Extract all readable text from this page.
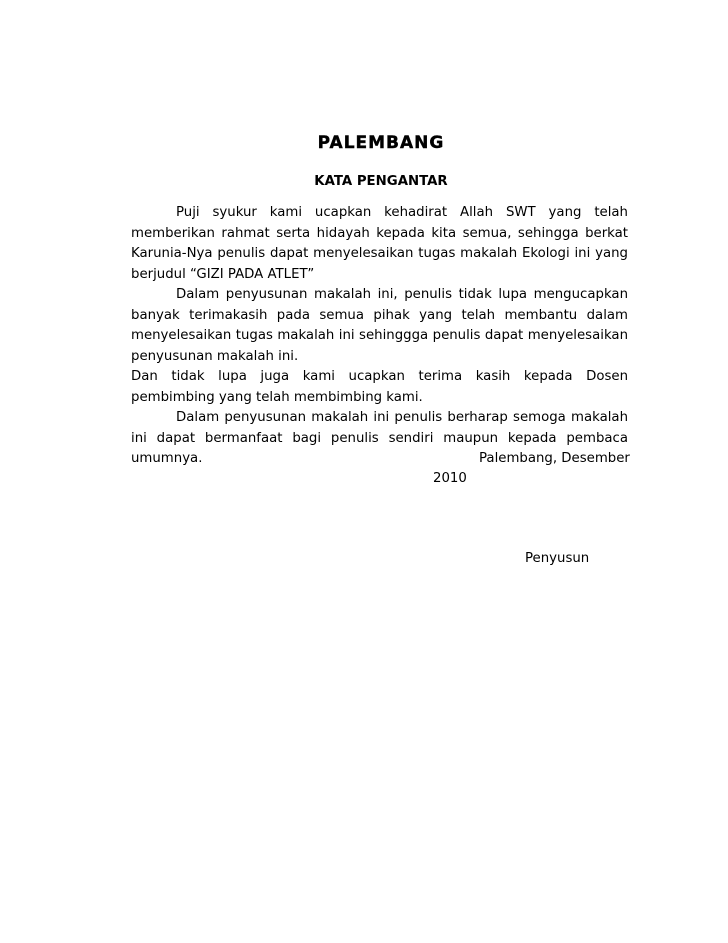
PALEMBANG
KATA PENGANTAR

Puji syukur kami ucapkan kehadirat Allah SWT yang telah memberikan rahmat serta hidayah kepada kita semua, sehingga berkat Karunia-Nya penulis dapat menyelesaikan tugas makalah Ekologi ini yang berjudul “GIZI PADA ATLET”

Dalam penyusunan makalah ini, penulis tidak lupa mengucapkan banyak terimakasih pada semua pihak yang telah membantu dalam menyelesaikan tugas makalah ini sehinggga penulis dapat menyelesaikan penyusunan makalah ini.

Dan tidak lupa juga kami ucapkan terima kasih kepada Dosen pembimbing yang telah membimbing kami.

Dalam penyusunan makalah ini penulis berharap semoga makalah ini dapat bermanfaat bagi penulis sendiri maupun kepada pembaca umumnya.	Palembang, Desember
2010
Penyusun
